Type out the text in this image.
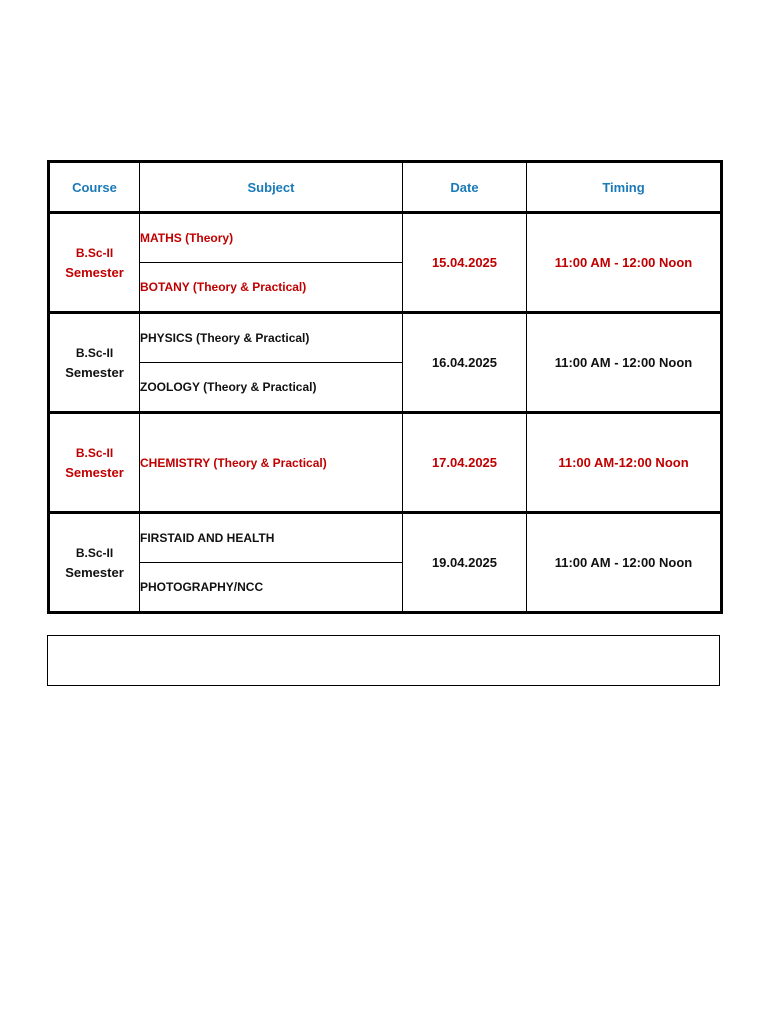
Course	Subject	Date	Timing

B.Sc-II
Semester	MATHS (Theory)	15.04.2025	11:00 AM - 12:00 Noon
	BOTANY (Theory & Practical)		

B.Sc-II
Semester	PHYSICS (Theory & Practical)	16.04.2025	11:00 AM - 12:00 Noon
	ZOOLOGY (Theory & Practical)		

B.Sc-II
Semester	CHEMISTRY (Theory & Practical)	17.04.2025	11:00 AM-12:00 Noon

B.Sc-II
Semester	FIRSTAID AND HEALTH	19.04.2025	11:00 AM - 12:00 Noon
	PHOTOGRAPHY/NCC		
